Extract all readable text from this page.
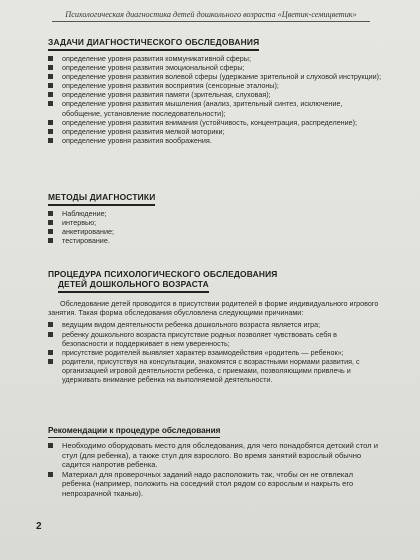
Психологическая диагностика детей дошкольного возраста «Цветик-семицветик»
ЗАДАЧИ ДИАГНОСТИЧЕСКОГО ОБСЛЕДОВАНИЯ
определение уровня развития коммуникативной сферы;
определение уровня развития эмоциональной сферы;
определение уровня развития волевой сферы (удержание зрительной и слуховой инструкции);
определение уровня развития восприятия (сенсорные эталоны);
определение уровня развития памяти (зрительная, слуховая);
определение уровня развития мышления (анализ, зрительный синтез, исключение, обобщение, установление последовательности);
определение уровня развития внимания (устойчивость, концентрация, распределение);
определение уровня развития мелкой моторики;
определение уровня развития воображения.
МЕТОДЫ ДИАГНОСТИКИ
Наблюдение;
интервью;
анкетирование;
тестирование.
ПРОЦЕДУРА ПСИХОЛОГИЧЕСКОГО ОБСЛЕДОВАНИЯ
ДЕТЕЙ ДОШКОЛЬНОГО ВОЗРАСТА
Обследование детей проводится в присутствии родителей в форме индивидуального игрового занятия. Такая форма обследования обусловлена следующими причинами:
ведущим видом деятельности ребенка дошкольного возраста является игра;
ребенку дошкольного возраста присутствие родных позволяет чувствовать себя в безопасности и поддерживает в нем уверенность;
присутствие родителей выявляет характер взаимодействия «родитель — ребенок»;
родители, присутствуя на консультации, знакомятся с возрастными нормами развития, с организацией игровой деятельности ребенка, с приемами, позволяющими привлечь и удерживать внимание ребенка на выполняемой деятельности.
Рекомендации к процедуре обследования
Необходимо оборудовать место для обследования, для чего понадобятся детский стол и стул (для ребенка), а также стул для взрослого. Во время занятий взрослый обычно садится напротив ребенка.
Материал для проверочных заданий надо расположить так, чтобы он не отвлекал ребенка (например, положить на соседний стол рядом со взрослым и накрыть его непрозрачной тканью).
2
